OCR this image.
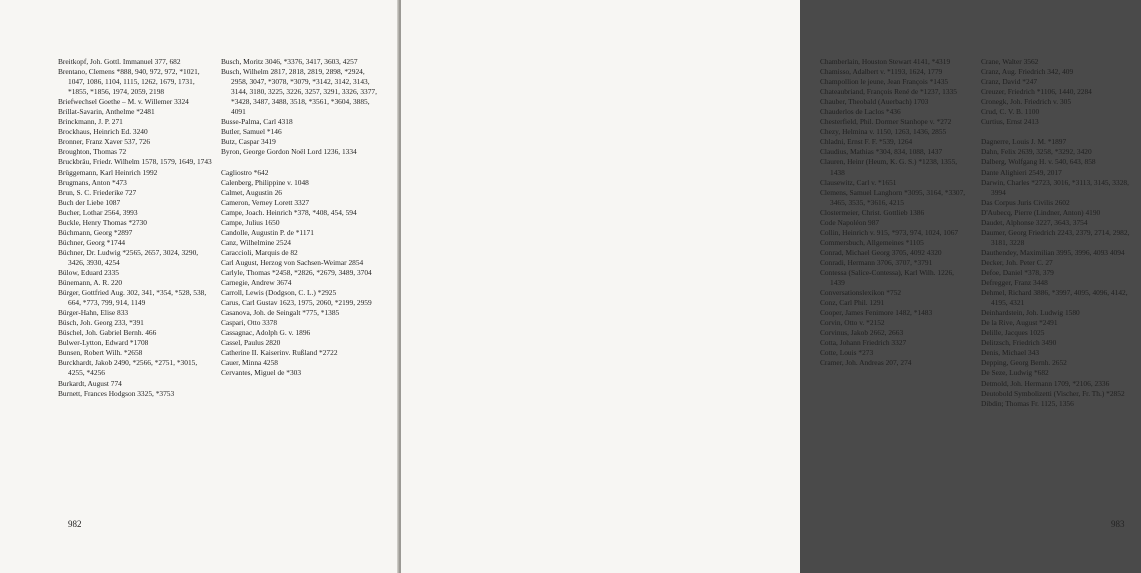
Breitkopf, Joh. Gottl. Immanuel 377, 682

Brentano, Clemens *888, 940, 972, 972, *1021, 1047, 1086, 1104, 1115, 1262, 1679, 1731, *1855, *1856, 1974, 2059, 2198

Briefwechsel Goethe – M. v. Willemer 3324

Brillat-Savarin, Anthelme *2481

Brinckmann, J. P. 271

Brockhaus, Heinrich Ed. 3240

Bronner, Franz Xaver 537, 726

Broughton, Thomas 72

Bruckbräu, Friedr. Wilhelm 1578, 1579, 1649, 1743

Brüggemann, Karl Heinrich 1992

Brugmans, Anton *473

Brun, S. C. Friederike 727

Buch der Liebe 1087

Bucher, Lothar 2564, 3993

Buckle, Henry Thomas *2730

Büchmann, Georg *2897

Büchner, Georg *1744

Büchner, Dr. Ludwig *2565, 2657, 3024, 3290, 3426, 3930, 4254

Bülow, Eduard 2335

Bünemann, A. R. 220

Bürger, Gottfried Aug. 302, 341, *354, *528, 538, 664, *773, 799, 914, 1149

Bürger-Hahn, Elise 833

Büsch, Joh. Georg 233, *391

Büschel, Joh. Gabriel Bernh. 466

Bulwer-Lytton, Edward *1708

Bunsen, Robert Wilh. *2658

Burckhardt, Jakob 2490, *2566, *2751, *3015, 4255, *4256

Burkardt, August 774

Burnett, Frances Hodgson 3325, *3753

Busch, Moritz 3046, *3376, 3417, 3603, 4257

Busch, Wilhelm 2817, 2818, 2819, 2898, *2924, 2958, 3047, *3078, *3079, *3142, 3142, 3143, 3144, 3180, 3225, 3226, 3257, 3291, 3326, 3377, *3428, 3487, 3488, 3518, *3561, *3604, 3885, 4091

Busse-Palma, Carl 4318

Butler, Samuel *146

Butz, Caspar 3419

Byron, George Gordon Noël Lord 1236, 1334

Cagliostro *642

Calenberg, Philippine v. 1048

Calmet, Augustin 26

Cameron, Verney Lorett 3327

Campe, Joach. Heinrich *378, *408, 454, 594

Campe, Julius 1650

Candolle, Augustin P. de *1171

Canz, Wilhelmine 2524

Caraccioli, Marquis de 82

Carl August, Herzog von Sachsen-Weimar 2854

Carlyle, Thomas *2458, *2826, *2679, 3489, 3704

Carnegie, Andrew 3674

Carroll, Lewis (Dodgson, C. L.) *2925

Carus, Carl Gustav 1623, 1975, 2060, *2199, 2959

Casanova, Joh. de Seingalt *775, *1385

Caspari, Otto 3378

Cassagnac, Adolph G. v. 1896

Cassel, Paulus 2820

Catherine II. Kaiserinv. Rußland *2722

Cauer, Minna 4258

Cervantes, Miguel de *303

982

Chamberlain, Houston Stewart 4141, *4319

Chamisso, Adalbert v. *1193, 1624, 1779

Champollion le jeune, Jean François *1435

Chateaubriand, François René de *1237, 1335

Chauber, Theobald (Auerbach) 1703

Chauderlos de Laclos *436

Chesterfield, Phil. Dormer Stanhope v. *272

Chezy, Helmina v. 1150, 1263, 1436, 2855

Chladni, Ernst F. F. *539, 1264

Claudius, Mathias *304, 834, 1088, 1437

Clauren, Heinr (Heum, K. G. S.) *1238, 1355, 1438

Clausewitz, Carl v. *1651

Clemens, Samuel Langhorn *3095, 3164, *3307, 3465, 3535, *3616, 4215

Clostermeier, Christ. Gottlieb 1386

Code Napoléon 987

Collin, Heinrich v. 915, *973, 974, 1024, 1067

Commersbuch, Allgemeines *1105

Conrad, Michael Georg 3705, 4092 4320

Conradi, Hermann 3706, 3707, *3791

Contessa (Salice-Contessa), Karl Wilh. 1226, 1439

Conversationslexikon *752

Conz, Carl Phil. 1291

Cooper, James Fenimore 1482, *1483

Corvin, Otto v. *2152

Corvinus, Jakob 2662, 2663

Cotta, Johann Friedrich 3327

Cotte, Louis *273

Cramer, Joh. Andreas 207, 274

Crane, Walter 3562

Cranz, Aug. Friedrich 342, 409

Cranz, David *247

Creuzer, Friedrich *1106, 1440, 2284

Cronegk, Joh. Friedrich v. 305

Crud, C. V. B. 1100

Curtius, Ernst 2413

Dagnerre, Louis J. M. *1897

Dahn, Felix 2639, 3258, *3292, 3420

Dalberg, Wolfgang H. v. 540, 643, 858

Dante Alighieri 2549, 2017

Darwin, Charles *2723, 3016, *3113, 3145, 3328, 3994

Das Corpus Juris Civilis 2602

D'Aubecq, Pierre (Lindner, Anton) 4190

Daudet, Alphonse 3227, 3643, 3754

Daumer, Georg Friedrich 2243, 2379, 2714, 2982, 3181, 3228

Dauthendey, Maximilian 3995, 3996, 4093 4094

Decker, Joh. Peter C. 27

Defoe, Daniel *378, 379

Defregger, Franz 3448

Dehmel, Richard 3886, *3997, 4095, 4096, 4142, 4195, 4321

Deinhardstein, Joh. Ludwig 1580

De la Rive, August *2491

Delille, Jacques 1025

Delitzsch, Friedrich 3490

Denis, Michael 343

Depping, Georg Bernh. 2652

De Seze, Ludwig *682

Detmold, Joh. Hermann 1709, *2106, 2336

Deutobold Symbolizetti (Vischer, Fr. Th.) *2852

Dibdin; Thomas Fr. 1125, 1356

983
